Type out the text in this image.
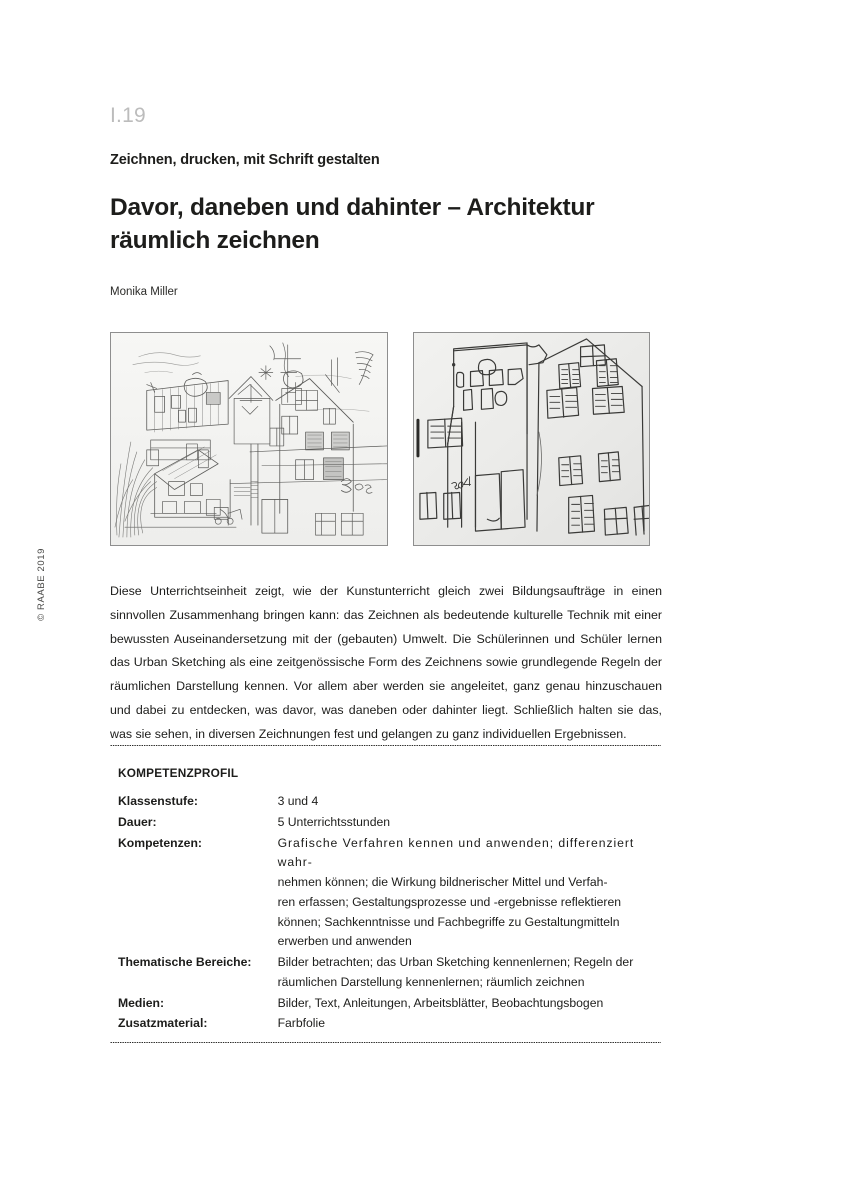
© RAABE 2019
I.19
Zeichnen, drucken, mit Schrift gestalten
Davor, daneben und dahinter – Architektur räumlich zeichnen
Monika Miller
Diese Unterrichtseinheit zeigt, wie der Kunstunterricht gleich zwei Bildungsaufträge in einen sinnvollen Zusammenhang bringen kann: das Zeichnen als bedeutende kulturelle Technik mit einer bewussten Auseinandersetzung mit der (gebauten) Umwelt. Die Schülerinnen und Schüler lernen das Urban Sketching als eine zeitgenössische Form des Zeichnens sowie grundlegende Regeln der räumlichen Darstellung kennen. Vor allem aber werden sie angeleitet, ganz genau hinzuschauen und dabei zu entdecken, was davor, was daneben oder dahinter liegt. Schließlich halten sie das, was sie sehen, in diversen Zeichnungen fest und gelangen zu ganz individuellen Ergebnissen.
KOMPETENZPROFIL
Klassenstufe:	3 und 4

Dauer:	5 Unterrichtsstunden

Kompetenzen:	Grafische Verfahren kennen und anwenden; differenziert wahr-
nehmen können; die Wirkung bildnerischer Mittel und Verfah-
ren erfassen; Gestaltungsprozesse und -ergebnisse reflektieren
können; Sachkenntnisse und Fachbegriffe zu Gestaltungmitteln
erwerben und anwenden

Thematische Bereiche:	Bilder betrachten; das Urban Sketching kennenlernen; Regeln der
räumlichen Darstellung kennenlernen; räumlich zeichnen

Medien:	Bilder, Text, Anleitungen, Arbeitsblätter, Beobachtungsbogen

Zusatzmaterial:	Farbfolie
